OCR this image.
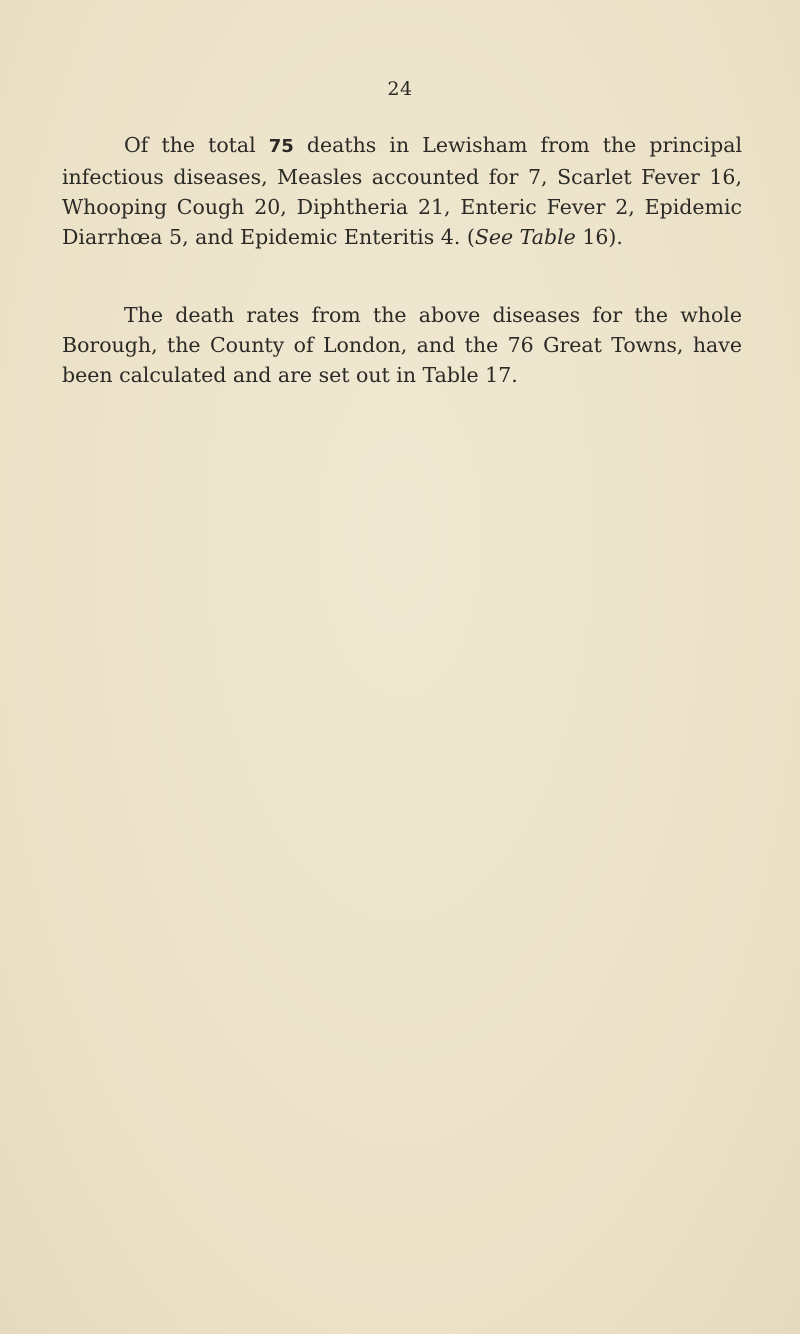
24

Of the total 75 deaths in Lewisham from the principal
infectious diseases, Measles accounted for 7, Scarlet Fever 16,
Whooping Cough 20, Diphtheria 21, Enteric Fever 2, Epidemic
Diarrhœa 5, and Epidemic Enteritis 4. (See Table 16).

The death rates from the above diseases for the whole
Borough, the County of London, and the 76 Great Towns, have
been calculated and are set out in Table 17.
